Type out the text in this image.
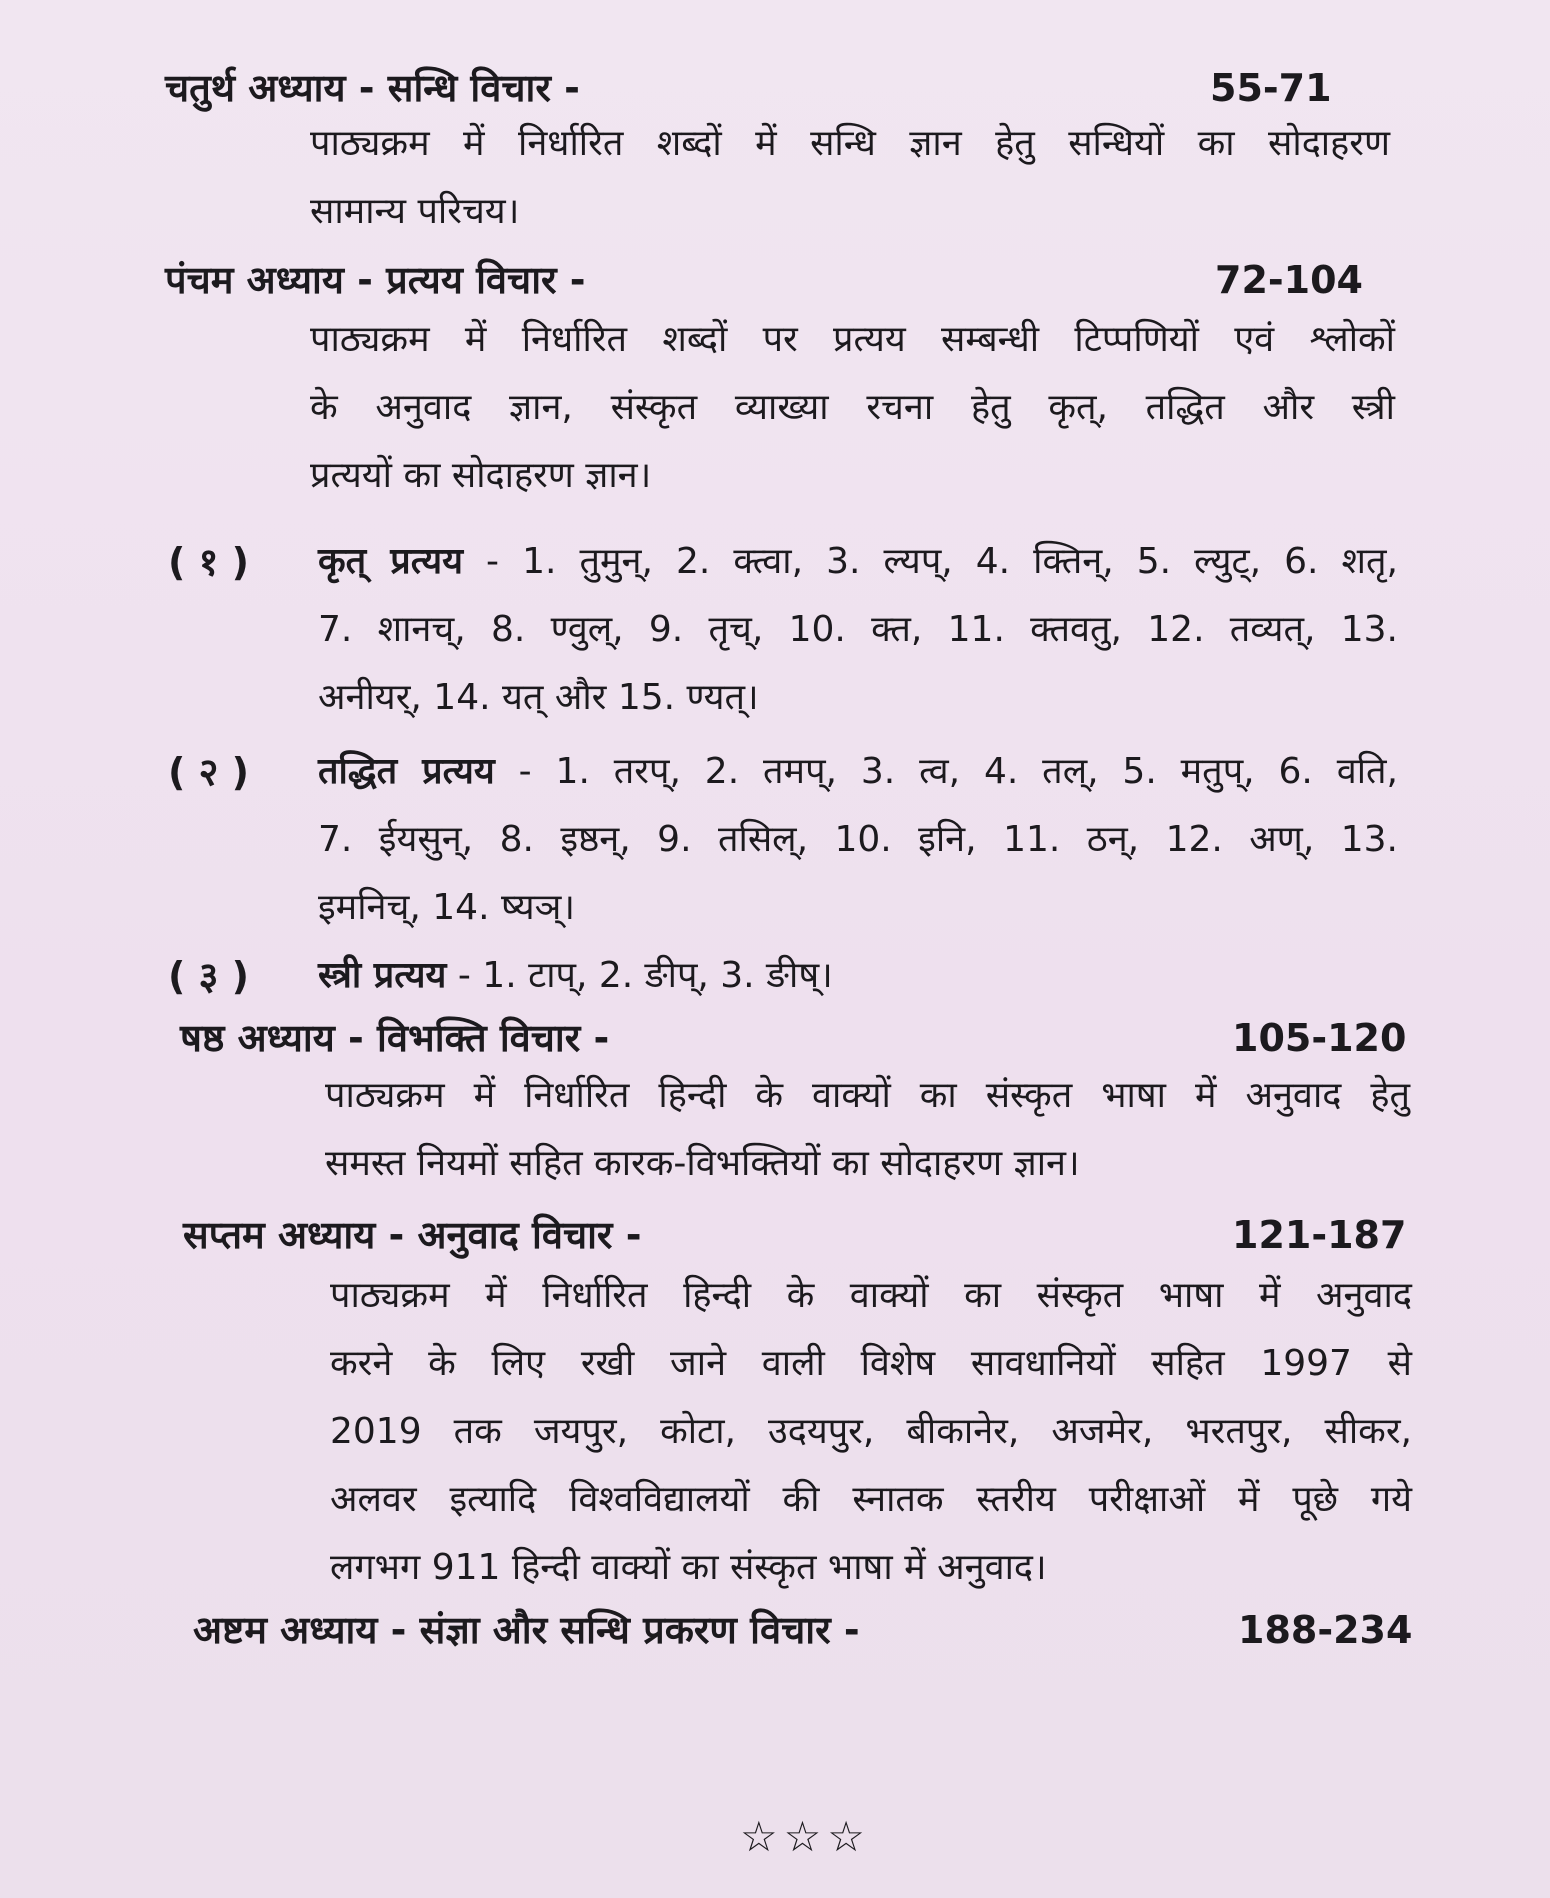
चतुर्थ अध्याय - सन्धि विचार -	55-71
पाठ्यक्रम में निर्धारित शब्दों में सन्धि ज्ञान हेतु सन्धियों का सोदाहरण
सामान्य परिचय।
पंचम अध्याय - प्रत्यय विचार -	72-104
पाठ्यक्रम में निर्धारित शब्दों पर प्रत्यय सम्बन्धी टिप्पणियों एवं श्लोकों
के अनुवाद ज्ञान, संस्कृत व्याख्या रचना हेतु कृत्, तद्धित और स्त्री
प्रत्ययों का सोदाहरण ज्ञान।
( १ ) कृत् प्रत्यय - 1. तुमुन्, 2. क्त्वा, 3. ल्यप्, 4. क्तिन्, 5. ल्युट्, 6. शतृ,
7. शानच्, 8. ण्वुल्, 9. तृच्, 10. क्त, 11. क्तवतु, 12. तव्यत्, 13.
अनीयर्, 14. यत् और 15. ण्यत्।
( २ ) तद्धित प्रत्यय - 1. तरप्, 2. तमप्, 3. त्व, 4. तल्, 5. मतुप्, 6. वति,
7. ईयसुन्, 8. इष्ठन्, 9. तसिल्, 10. इनि, 11. ठन्, 12. अण्, 13.
इमनिच्, 14. ष्यञ्।
( ३ ) स्त्री प्रत्यय - 1. टाप्, 2. ङीप्, 3. ङीष्।
षष्ठ अध्याय - विभक्ति विचार -	105-120
पाठ्यक्रम में निर्धारित हिन्दी के वाक्यों का संस्कृत भाषा में अनुवाद हेतु
समस्त नियमों सहित कारक-विभक्तियों का सोदाहरण ज्ञान।
सप्तम अध्याय - अनुवाद विचार -	121-187
पाठ्यक्रम में निर्धारित हिन्दी के वाक्यों का संस्कृत भाषा में अनुवाद
करने के लिए रखी जाने वाली विशेष सावधानियों सहित 1997 से
2019 तक जयपुर, कोटा, उदयपुर, बीकानेर, अजमेर, भरतपुर, सीकर,
अलवर इत्यादि विश्वविद्यालयों की स्नातक स्तरीय परीक्षाओं में पूछे गये
लगभग 911 हिन्दी वाक्यों का संस्कृत भाषा में अनुवाद।
अष्टम अध्याय - संज्ञा और सन्धि प्रकरण विचार -	188-234
☆☆☆
